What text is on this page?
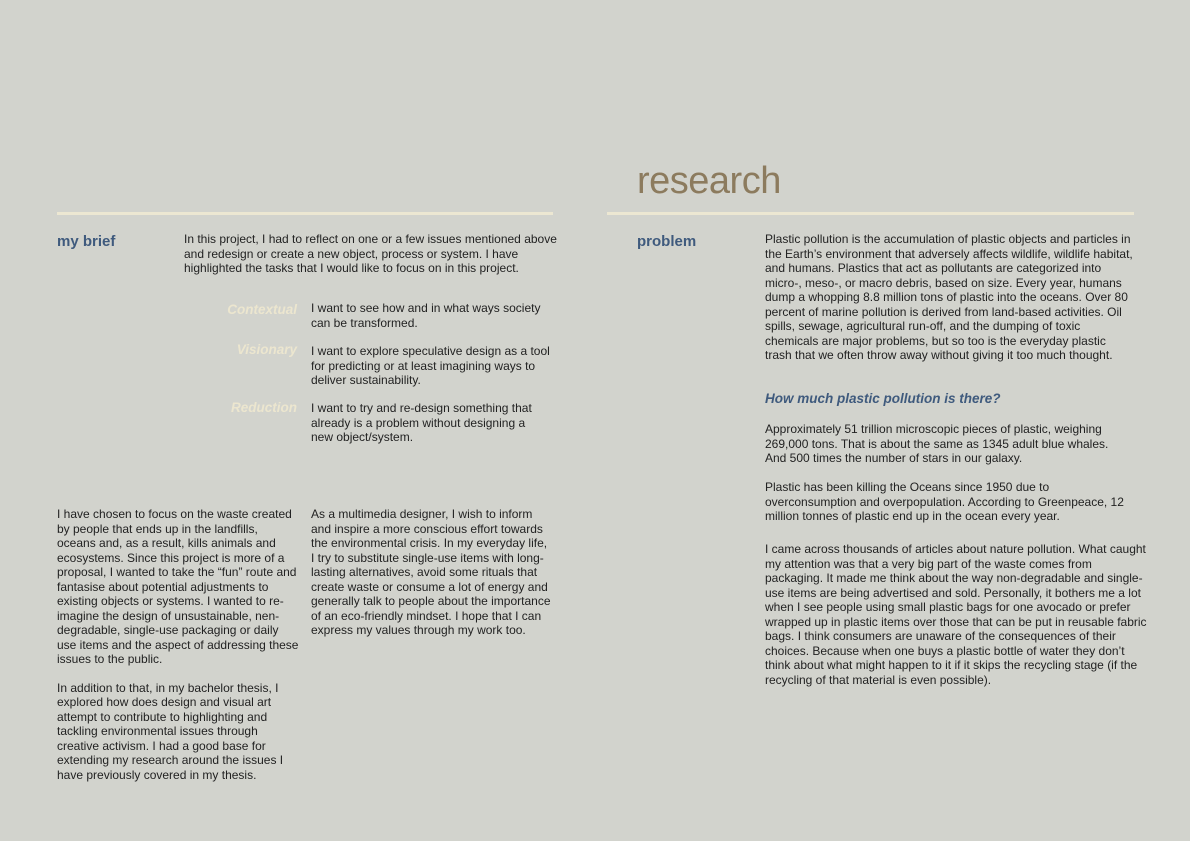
research
my brief	In this project, I had to reflect on one or a few issues mentioned above and redesign or create a new object, process or system. I have highlighted the tasks that I would like to focus on in this project.
Contextual I want to see how and in what ways society can be transformed.
Visionary I want to explore speculative design as a tool for predicting or at least imagining ways to deliver sustainability.
Reduction I want to try and re-design something that already is a problem without designing a new object/system.

I have chosen to focus on the waste created by people that ends up in the landfills, oceans and, as a result, kills animals and ecosystems. Since this project is more of a proposal, I wanted to take the “fun” route and fantasise about potential adjustments to existing objects or systems. I wanted to re-imagine the design of unsustainable, nen-degradable, single-use packaging or daily use items and the aspect of addressing these issues to the public.

In addition to that, in my bachelor thesis, I explored how does design and visual art attempt to contribute to highlighting and tackling environmental issues through creative activism. I had a good base for extending my research around the issues I have previously covered in my thesis.

As a multimedia designer, I wish to inform and inspire a more conscious effort towards the environmental crisis. In my everyday life, I try to substitute single-use items with long-lasting alternatives, avoid some rituals that create waste or consume a lot of energy and generally talk to people about the importance of an eco-friendly mindset. I hope that I can express my values through my work too.

problem	Plastic pollution is the accumulation of plastic objects and particles in the Earth’s environment that adversely affects wildlife, wildlife habitat, and humans. Plastics that act as pollutants are categorized into micro-, meso-, or macro debris, based on size. Every year, humans dump a whopping 8.8 million tons of plastic into the oceans. Over 80 percent of marine pollution is derived from land-based activities. Oil spills, sewage, agricultural run-off, and the dumping of toxic chemicals are major problems, but so too is the everyday plastic trash that we often throw away without giving it too much thought.
How much plastic pollution is there?
Approximately 51 trillion microscopic pieces of plastic, weighing 269,000 tons. That is about the same as 1345 adult blue whales. And 500 times the number of stars in our galaxy.
Plastic has been killing the Oceans since 1950 due to overconsumption and overpopulation. According to Greenpeace, 12 million tonnes of plastic end up in the ocean every year.
I came across thousands of articles about nature pollution. What caught my attention was that a very big part of the waste comes from packaging. It made me think about the way non-degradable and single-use items are being advertised and sold. Personally, it bothers me a lot when I see people using small plastic bags for one avocado or prefer wrapped up in plastic items over those that can be put in reusable fabric bags. I think consumers are unaware of the consequences of their choices. Because when one buys a plastic bottle of water they don’t think about what might happen to it if it skips the recycling stage (if the recycling of that material is even possible).
